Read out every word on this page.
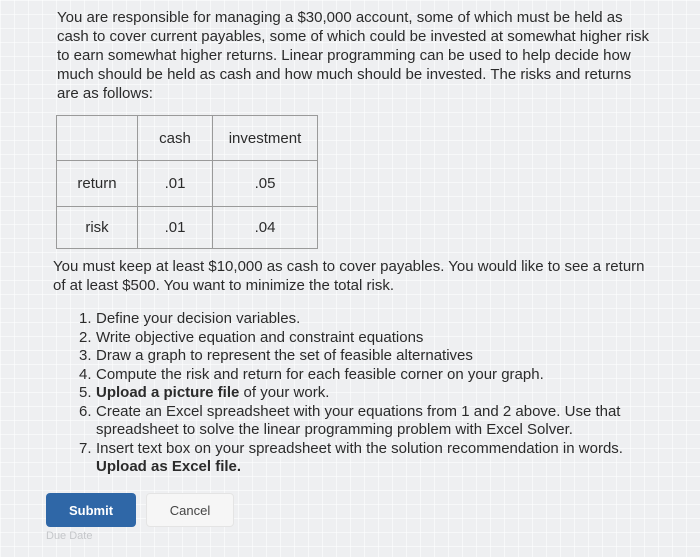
You are responsible for managing a $30,000 account, some of which must be held as cash to cover current payables, some of which could be invested at somewhat higher risk to earn somewhat higher returns. Linear programming can be used to help decide how much should be held as cash and how much should be invested. The risks and returns are as follows:

	cash	investment
return	.01	.05
risk	.01	.04

You must keep at least $10,000 as cash to cover payables. You would like to see a return of at least $500. You want to minimize the total risk.

1. Define your decision variables.
2. Write objective equation and constraint equations
3. Draw a graph to represent the set of feasible alternatives
4. Compute the risk and return for each feasible corner on your graph.
5. Upload a picture file of your work.
6. Create an Excel spreadsheet with your equations from 1 and 2 above. Use that spreadsheet to solve the linear programming problem with Excel Solver.
7. Insert text box on your spreadsheet with the solution recommendation in words. Upload as Excel file.
Submit	Cancel
Due Date
